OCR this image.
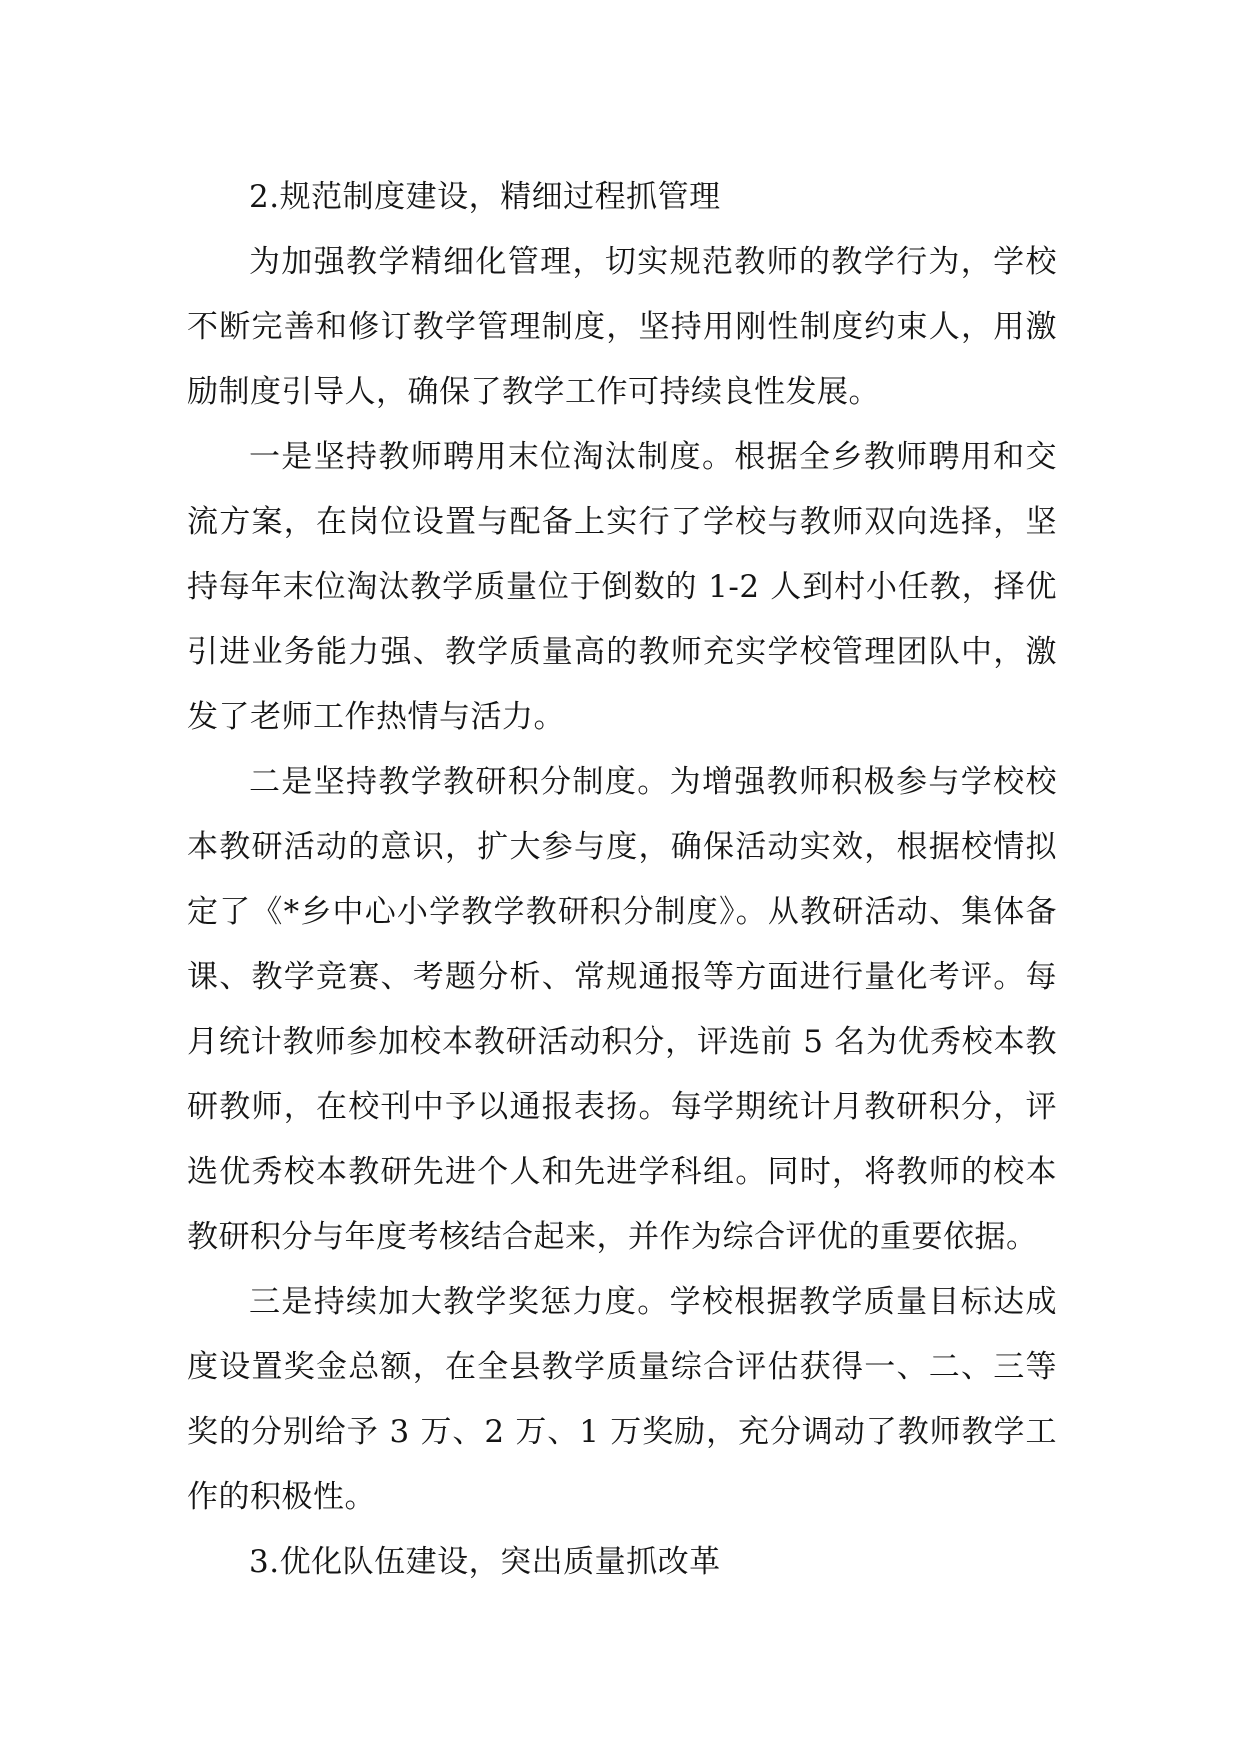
2.规范制度建设，精细过程抓管理

为加强教学精细化管理，切实规范教师的教学行为，学校不断完善和修订教学管理制度，坚持用刚性制度约束人，用激励制度引导人，确保了教学工作可持续良性发展。

一是坚持教师聘用末位淘汰制度。根据全乡教师聘用和交流方案，在岗位设置与配备上实行了学校与教师双向选择，坚持每年末位淘汰教学质量位于倒数的 1-2 人到村小任教，择优引进业务能力强、教学质量高的教师充实学校管理团队中，激发了老师工作热情与活力。

二是坚持教学教研积分制度。为增强教师积极参与学校校本教研活动的意识，扩大参与度，确保活动实效，根据校情拟定了《*乡中心小学教学教研积分制度》。从教研活动、集体备课、教学竞赛、考题分析、常规通报等方面进行量化考评。每月统计教师参加校本教研活动积分，评选前 5 名为优秀校本教研教师，在校刊中予以通报表扬。每学期统计月教研积分，评选优秀校本教研先进个人和先进学科组。同时，将教师的校本教研积分与年度考核结合起来，并作为综合评优的重要依据。

三是持续加大教学奖惩力度。学校根据教学质量目标达成度设置奖金总额，在全县教学质量综合评估获得一、二、三等奖的分别给予 3 万、2 万、1 万奖励，充分调动了教师教学工作的积极性。

3.优化队伍建设，突出质量抓改革
